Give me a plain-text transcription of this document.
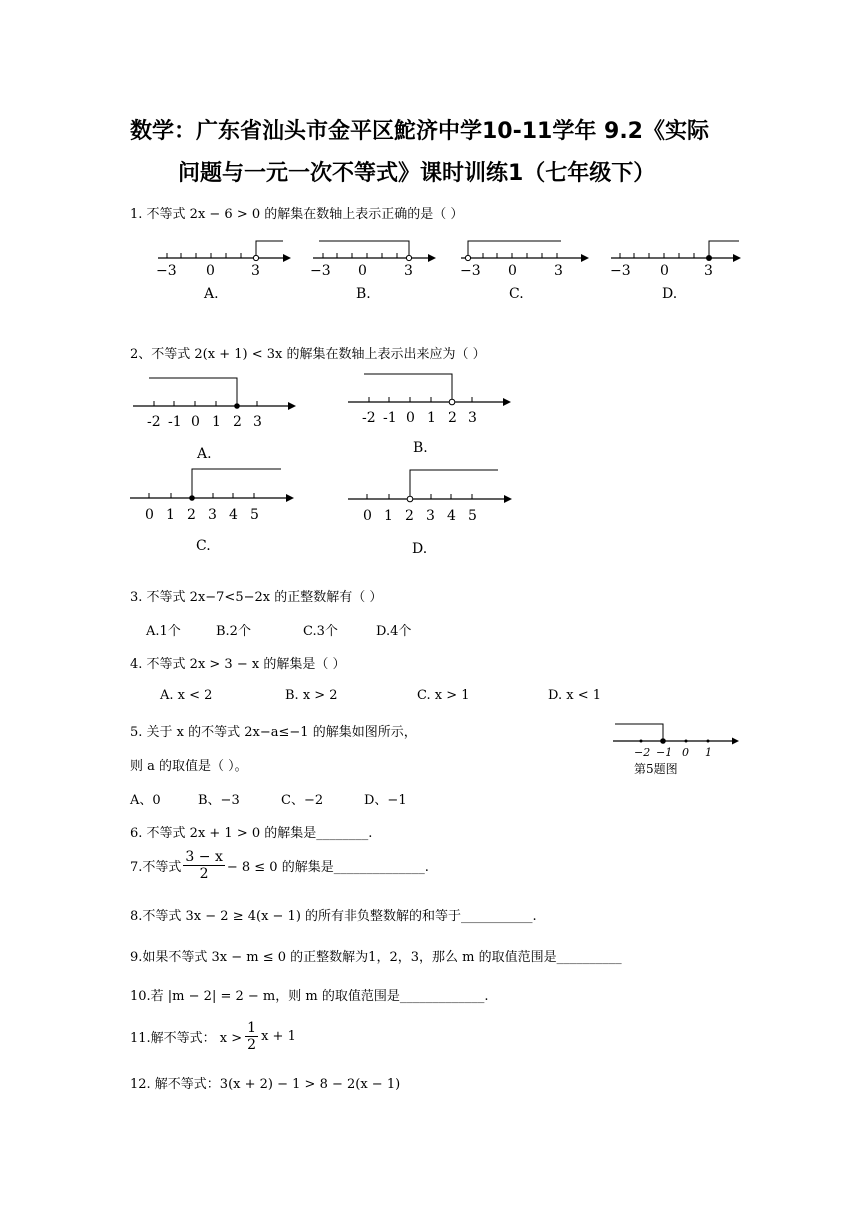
数学：广东省汕头市金平区鮀济中学10-11学年 9.2《实际
问题与一元一次不等式》课时训练1（七年级下）
1. 不等式 2x − 6 > 0 的解集在数轴上表示正确的是（ ）
−3 0	3
A.
−3 0	3
B.
−3 0	3
C.
−3 0	3
D.
2、不等式 2(x + 1) < 3x 的解集在数轴上表示出来应为（ ）
-2 -1 0 1 2 3
A.
-2 -1 0 1 2 3
B.
0 1 2 3 4 5
C.
0 1 2 3 4 5
D.
3. 不等式 2x−7<5−2x 的正整数解有（ ）
A.1个	B.2个	C.3个	D.4个
4. 不等式 2x > 3 − x 的解集是（ ）
A. x < 2	B. x > 2	C. x > 1	D. x < 1
5. 关于 x 的不等式 2x−a≤−1 的解集如图所示，
则 a 的取值是（ ）。
−2 −1 0 1
第5题图
A、0	B、−3	C、−2	D、−1
6. 不等式 2x + 1 > 0 的解集是________.
7.不等式 $\frac{3 - x}{2} - 8 \le 0$ 的解集是______________.
8.不等式 3x − 2 ≥ 4(x − 1) 的所有非负整数解的和等于___________.
9.如果不等式 3x − m ≤ 0 的正整数解为1，2，3，那么 m 的取值范围是__________
10.若 |m − 2| = 2 − m，则 m 的取值范围是_____________.
11.解不等式： $x > \frac{1}{2}$ x + 1
12. 解不等式：3(x + 2) − 1 > 8 − 2(x − 1)
